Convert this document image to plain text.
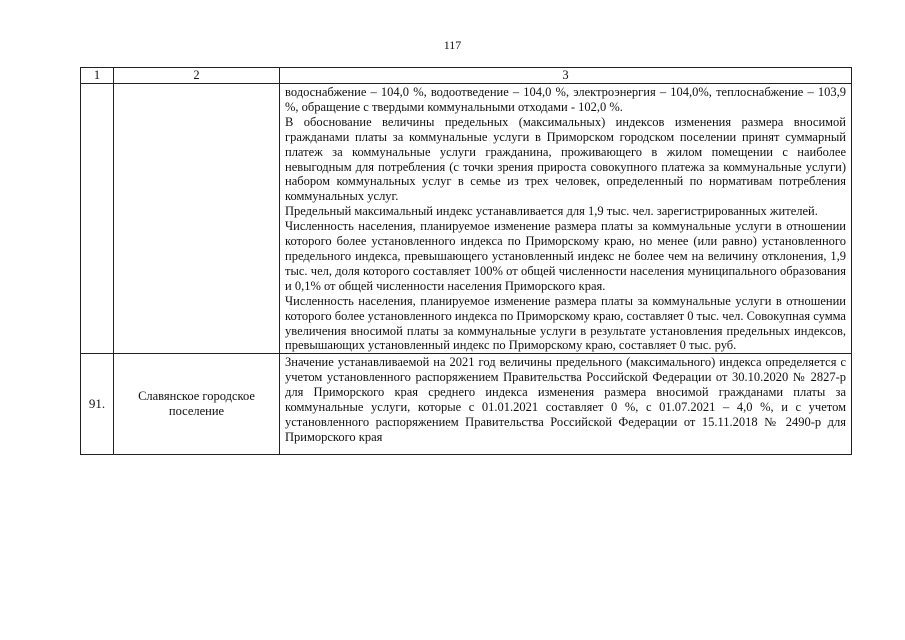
117
1	2	3

		водоснабжение – 104,0 %, водоотведение – 104,0 %, электроэнергия – 104,0%, теплоснабжение – 103,9 %, обращение с твердыми коммунальными отходами - 102,0 %.

В обоснование величины предельных (максимальных) индексов изменения размера вносимой гражданами платы за коммунальные услуги в Приморском городском поселении принят суммарный платеж за коммунальные услуги гражданина, проживающего в жилом помещении с наиболее невыгодным для потребления (с точки зрения прироста совокупного платежа за коммунальные услуги) набором коммунальных услуг в семье из трех человек, определенный по нормативам потребления коммунальных услуг.

Предельный максимальный индекс устанавливается для 1,9 тыс. чел. зарегистрированных жителей.

Численность населения, планируемое изменение размера платы за коммунальные услуги в отношении которого более установленного индекса по Приморскому краю, но менее (или равно) установленного предельного индекса, превышающего установленный индекс не более чем на величину отклонения, 1,9 тыс. чел, доля которого составляет 100% от общей численности населения муниципального образования и 0,1% от общей численности населения Приморского края.

Численность населения, планируемое изменение размера платы за коммунальные услуги в отношении которого более установленного индекса по Приморскому краю, составляет 0 тыс. чел. Совокупная сумма увеличения вносимой платы за коммунальные услуги в результате установления предельных индексов, превышающих установленный индекс по Приморскому краю, составляет 0 тыс. руб.

91.	Славянское городское поселение	Значение устанавливаемой на 2021 год величины предельного (максимального) индекса определяется с учетом установленного распоряжением Правительства Российской Федерации от 30.10.2020 № 2827-р для Приморского края среднего индекса изменения размера вносимой гражданами платы за коммунальные услуги, которые с 01.01.2021 составляет 0 %, с 01.07.2021 – 4,0 %, и с учетом установленного распоряжением Правительства Российской Федерации от 15.11.2018 № 2490-р для Приморского края
